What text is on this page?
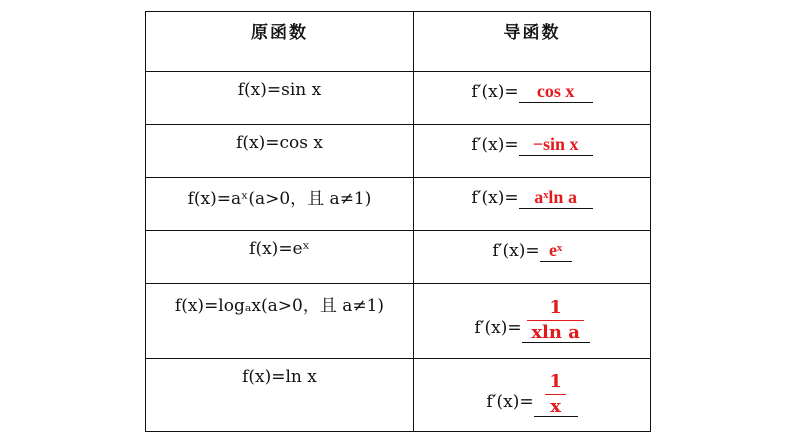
原函数	导函数
f(x)=sin x	f′(x)= cos x
f(x)=cos x	f′(x)= −sin x
f(x)=aˣ(a>0，且 a≠1)	f′(x)= aˣln a
f(x)=eˣ	f′(x)= eˣ
f(x)=logₐx(a>0，且 a≠1)	$f'(x)= \frac{1}{\text{xln a}}$

f(x)=ln x	$f'(x)= \frac{1}{x}$
